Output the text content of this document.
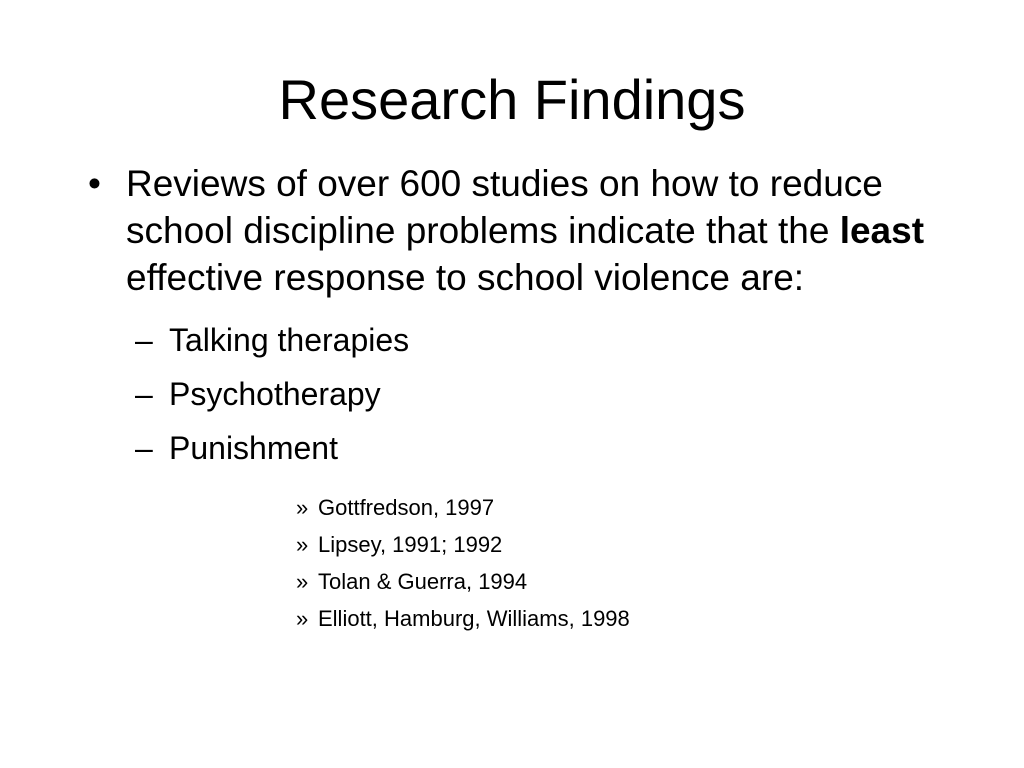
Research Findings
• Reviews of over 600 studies on how to reduce school discipline problems indicate that the least effective response to school violence are:
– Talking therapies
– Psychotherapy
– Punishment
» Gottfredson, 1997
» Lipsey, 1991; 1992
» Tolan & Guerra, 1994
» Elliott, Hamburg, Williams, 1998
